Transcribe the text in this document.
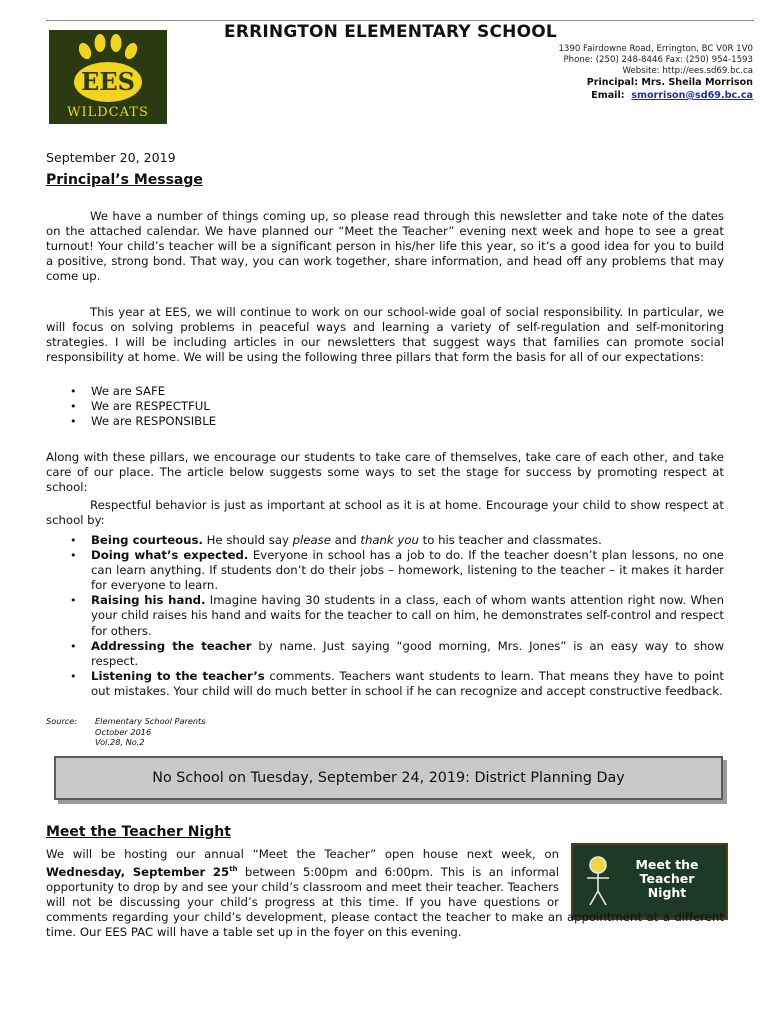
EES
WILDCATS
ERRINGTON ELEMENTARY SCHOOL
1390 Fairdowne Road, Errington, BC V0R 1V0
Phone: (250) 248-8446 Fax: (250) 954-1593
Website: http://ees.sd69.bc.ca
Principal: Mrs. Sheila Morrison
Email: smorrison@sd69.bc.ca
September 20, 2019
Principal’s Message

We have a number of things coming up, so please read through this newsletter and take note of the dates on the attached calendar. We have planned our “Meet the Teacher” evening next week and hope to see a great turnout! Your child’s teacher will be a significant person in his/her life this year, so it’s a good idea for you to build a positive, strong bond. That way, you can work together, share information, and head off any problems that may come up.

This year at EES, we will continue to work on our school-wide goal of social responsibility. In particular, we will focus on solving problems in peaceful ways and learning a variety of self-regulation and self-monitoring strategies. I will be including articles in our newsletters that suggest ways that families can promote social responsibility at home. We will be using the following three pillars that form the basis for all of our expectations:

• We are SAFE
• We are RESPECTFUL
• We are RESPONSIBLE

Along with these pillars, we encourage our students to take care of themselves, take care of each other, and take care of our place. The article below suggests some ways to set the stage for success by promoting respect at school:

Respectful behavior is just as important at school as it is at home. Encourage your child to show respect at school by:

• Being courteous. He should say please and thank you to his teacher and classmates.
• Doing what’s expected. Everyone in school has a job to do. If the teacher doesn’t plan lessons, no one can learn anything. If students don’t do their jobs – homework, listening to the teacher – it makes it harder for everyone to learn.
• Raising his hand. Imagine having 30 students in a class, each of whom wants attention right now. When your child raises his hand and waits for the teacher to call on him, he demonstrates self-control and respect for others.
• Addressing the teacher by name. Just saying “good morning, Mrs. Jones” is an easy way to show respect.
• Listening to the teacher’s comments. Teachers want students to learn. That means they have to point out mistakes. Your child will do much better in school if he can recognize and accept constructive feedback.
Source: Elementary School Parents
October 2016
Vol.28, No.2
No School on Tuesday, September 24, 2019: District Planning Day
Meet the Teacher Night
Meet the
Teacher
Night

We will be hosting our annual “Meet the Teacher” open house next week, on Wednesday, September 25th between 5:00pm and 6:00pm. This is an informal opportunity to drop by and see your child’s classroom and meet their teacher. Teachers will not be discussing your child’s progress at this time. If you have questions or comments regarding your child’s development, please contact the teacher to make an appointment at a different time. Our EES PAC will have a table set up in the foyer on this evening.
